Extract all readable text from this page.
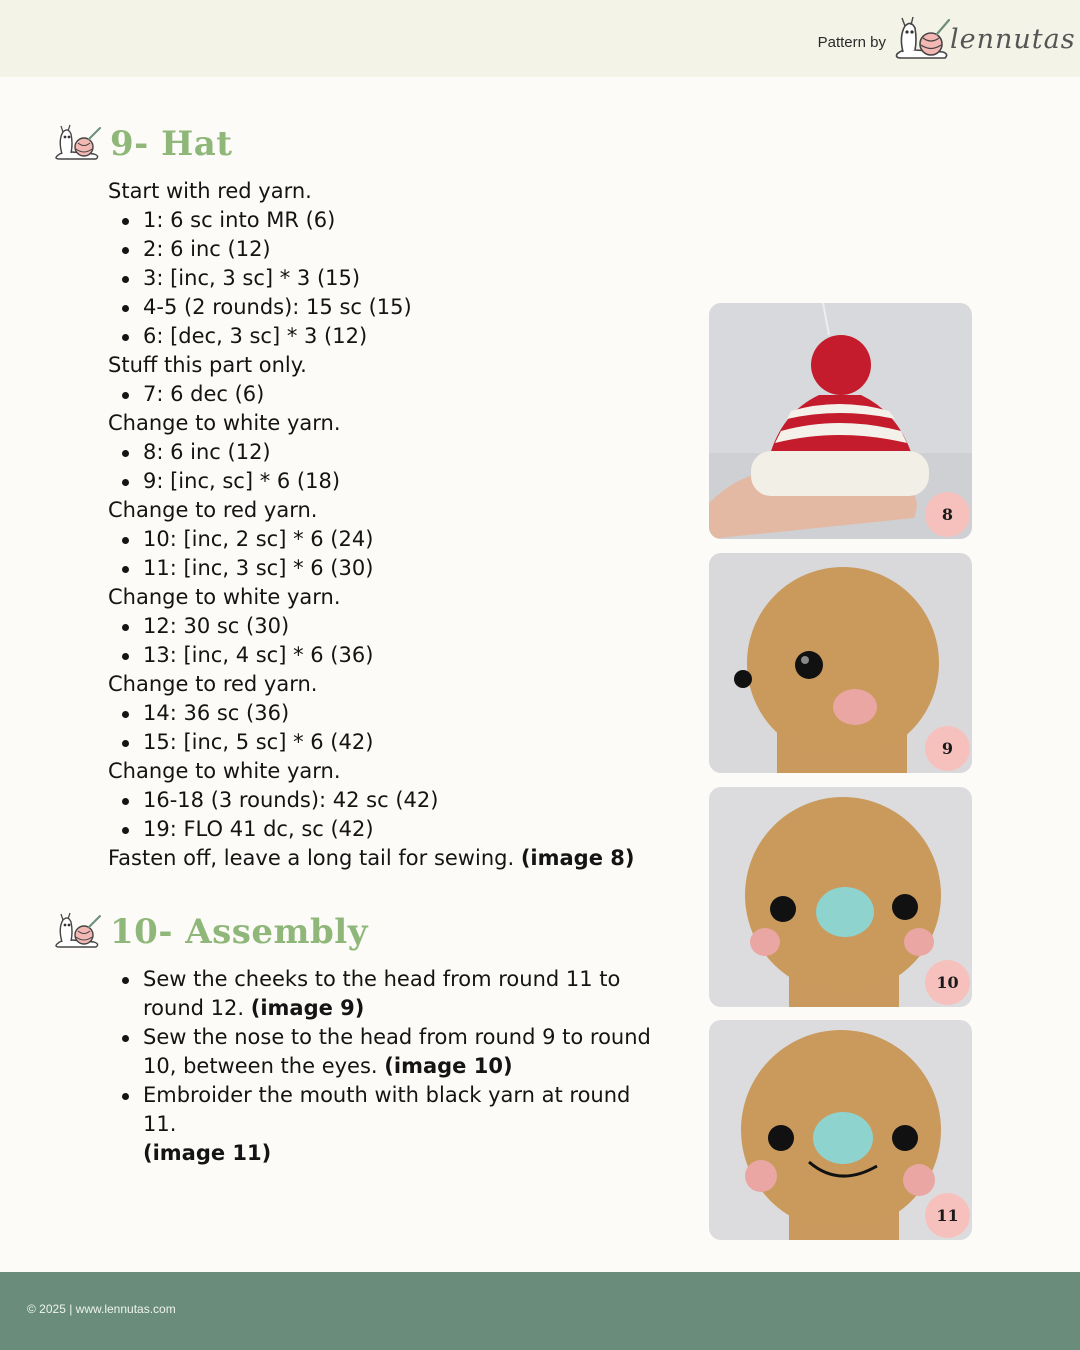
Pattern by lennutas
9- Hat
Start with red yarn.
1: 6 sc into MR (6)
2: 6 inc (12)
3: [inc, 3 sc] * 3 (15)
4-5 (2 rounds): 15 sc (15)
6: [dec, 3 sc] * 3 (12)
Stuff this part only.
7: 6 dec (6)
Change to white yarn.
8: 6 inc (12)
9: [inc, sc] * 6 (18)
Change to red yarn.
10: [inc, 2 sc] * 6 (24)
11: [inc, 3 sc] * 6 (30)
Change to white yarn.
12: 30 sc (30)
13: [inc, 4 sc] * 6 (36)
Change to red yarn.
14: 36 sc (36)
15: [inc, 5 sc] * 6 (42)
Change to white yarn.
16-18 (3 rounds): 42 sc (42)
19: FLO 41 dc, sc (42)
Fasten off, leave a long tail for sewing. (image 8)
10- Assembly
Sew the cheeks to the head from round 11 to
round 12. (image 9)
Sew the nose to the head from round 9 to round
10, between the eyes. (image 10)
Embroider the mouth with black yarn at round 11.
(image 11)
8
9
10
11
© 2025 | www.lennutas.com
